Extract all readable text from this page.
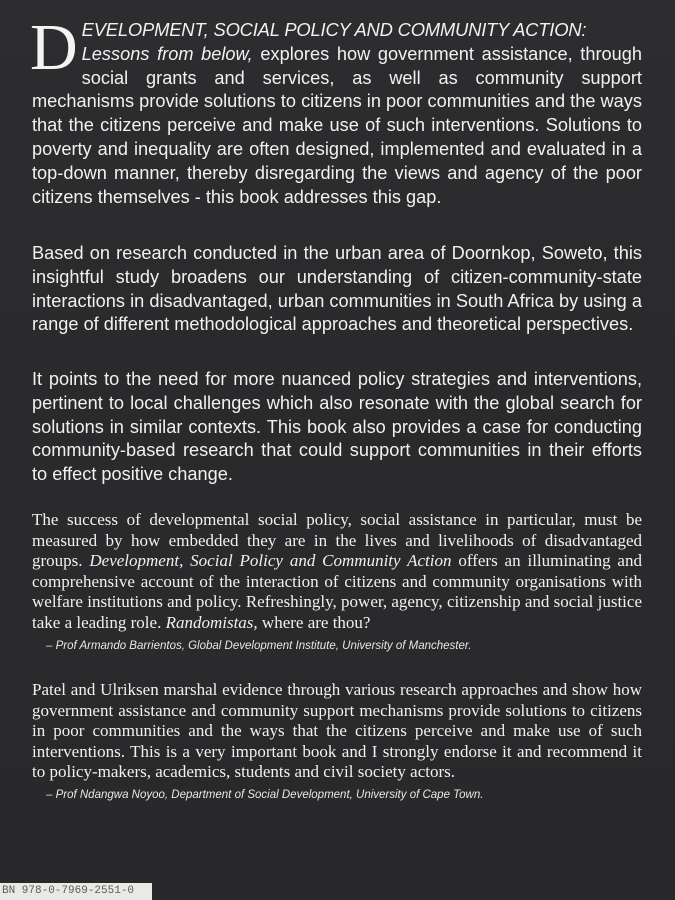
DEVELOPMENT, SOCIAL POLICY AND COMMUNITY ACTION:
Lessons from below, explores how government assistance, through social grants and services, as well as community support mechanisms provide solutions to citizens in poor communities and the ways that the citizens perceive and make use of such interventions. Solutions to poverty and inequality are often designed, implemented and evaluated in a top-down manner, thereby disregarding the views and agency of the poor citizens themselves - this book addresses this gap.
Based on research conducted in the urban area of Doornkop, Soweto, this insightful study broadens our understanding of citizen-community-state interactions in disadvantaged, urban communities in South Africa by using a range of different methodological approaches and theoretical perspectives.
It points to the need for more nuanced policy strategies and interventions, pertinent to local challenges which also resonate with the global search for solutions in similar contexts. This book also provides a case for conducting community-based research that could support communities in their efforts to effect positive change.
The success of developmental social policy, social assistance in particular, must be measured by how embedded they are in the lives and livelihoods of disadvantaged groups. Development, Social Policy and Community Action offers an illuminating and comprehensive account of the interaction of citizens and community organisations with welfare institutions and policy. Refreshingly, power, agency, citizenship and social justice take a leading role. Randomistas, where are thou?
– Prof Armando Barrientos, Global Development Institute, University of Manchester.
Patel and Ulriksen marshal evidence through various research approaches and show how government assistance and community support mechanisms provide solutions to citizens in poor communities and the ways that the citizens perceive and make use of such interventions. This is a very important book and I strongly endorse it and recommend it to policy-makers, academics, students and civil society actors.
– Prof Ndangwa Noyoo, Department of Social Development, University of Cape Town.
BN 978-0-7969-2551-0
